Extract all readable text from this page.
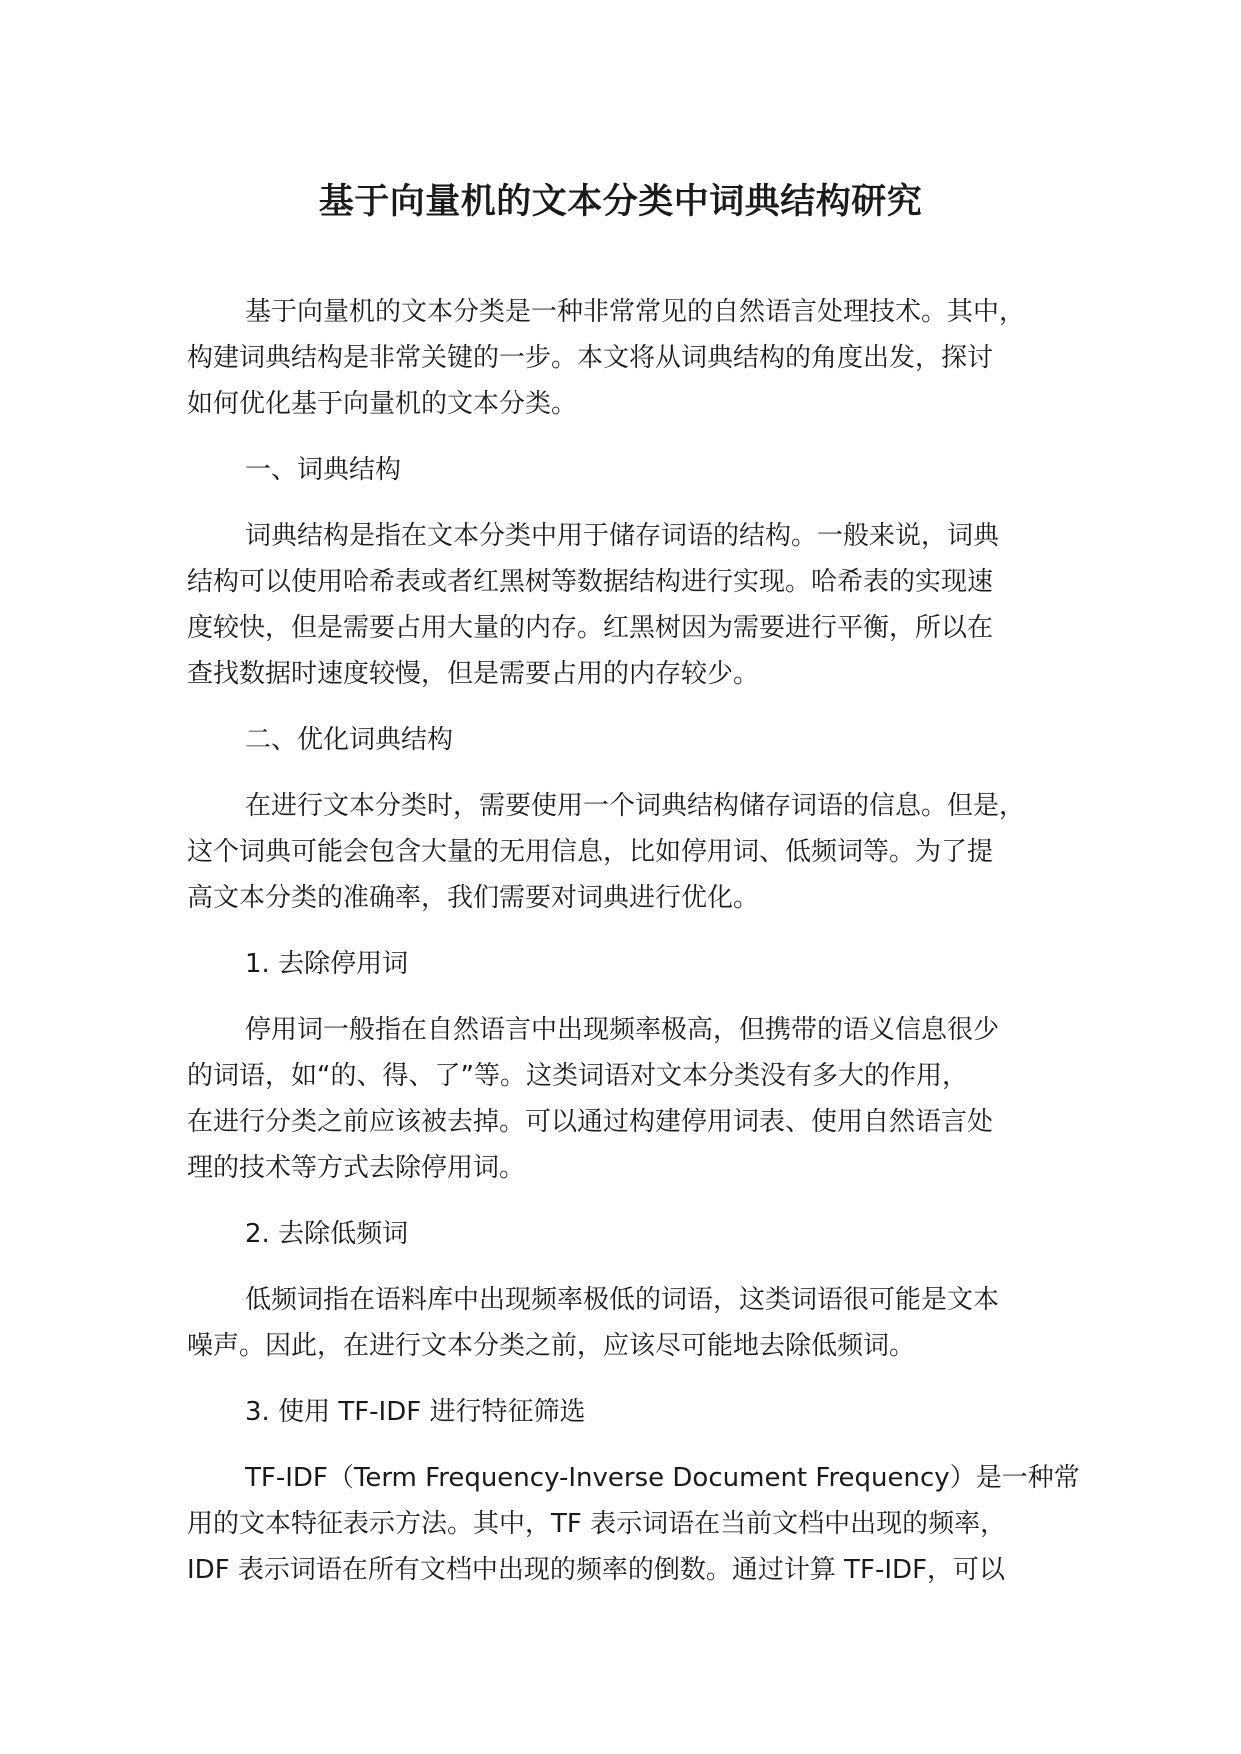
基于向量机的文本分类中词典结构研究

基于向量机的文本分类是一种非常常见的自然语言处理技术。其中，
构建词典结构是非常关键的一步。本文将从词典结构的角度出发，探讨
如何优化基于向量机的文本分类。

一、词典结构

词典结构是指在文本分类中用于储存词语的结构。一般来说，词典
结构可以使用哈希表或者红黑树等数据结构进行实现。哈希表的实现速
度较快，但是需要占用大量的内存。红黑树因为需要进行平衡，所以在
查找数据时速度较慢，但是需要占用的内存较少。

二、优化词典结构

在进行文本分类时，需要使用一个词典结构储存词语的信息。但是，
这个词典可能会包含大量的无用信息，比如停用词、低频词等。为了提
高文本分类的准确率，我们需要对词典进行优化。

1. 去除停用词

停用词一般指在自然语言中出现频率极高，但携带的语义信息很少
的词语，如“的、得、了”等。这类词语对文本分类没有多大的作用，
在进行分类之前应该被去掉。可以通过构建停用词表、使用自然语言处
理的技术等方式去除停用词。

2. 去除低频词

低频词指在语料库中出现频率极低的词语，这类词语很可能是文本
噪声。因此，在进行文本分类之前，应该尽可能地去除低频词。

3. 使用 TF-IDF 进行特征筛选

TF-IDF（Term Frequency-Inverse Document Frequency）是一种常
用的文本特征表示方法。其中，TF 表示词语在当前文档中出现的频率，
IDF 表示词语在所有文档中出现的频率的倒数。通过计算 TF-IDF，可以
